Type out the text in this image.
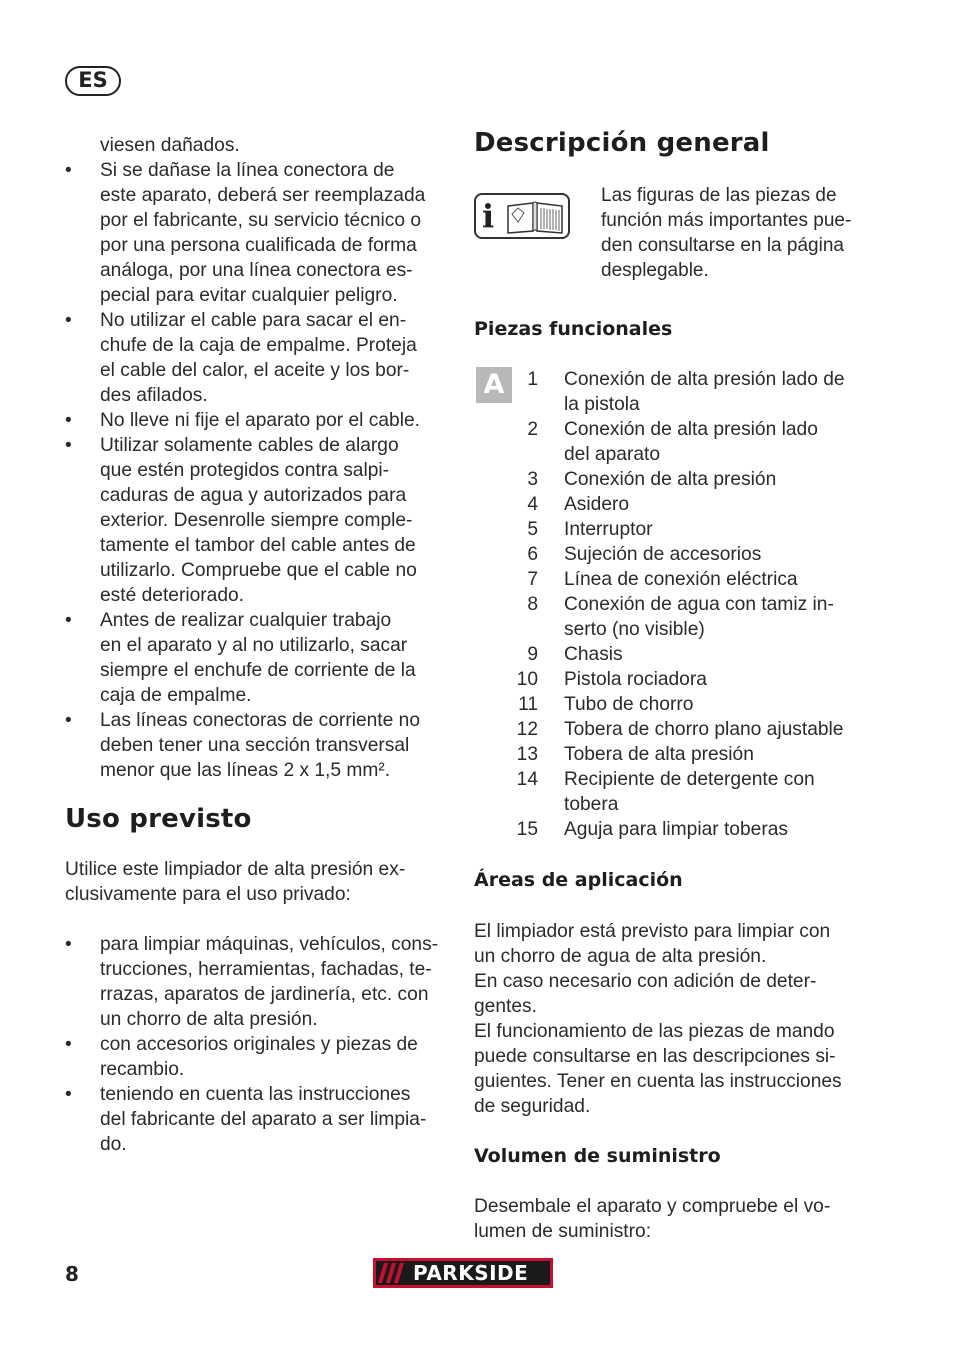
ES
viesen dañados.
• Si se dañase la línea conectora de
este aparato, deberá ser reemplazada
por el fabricante, su servicio técnico o
por una persona cualificada de forma
análoga, por una línea conectora es-
pecial para evitar cualquier peligro.
• No utilizar el cable para sacar el en-
chufe de la caja de empalme. Proteja
el cable del calor, el aceite y los bor-
des afilados.
• No lleve ni fije el aparato por el cable.
• Utilizar solamente cables de alargo
que estén protegidos contra salpi-
caduras de agua y autorizados para
exterior. Desenrolle siempre comple-
tamente el tambor del cable antes de
utilizarlo. Compruebe que el cable no
esté deteriorado.
• Antes de realizar cualquier trabajo
en el aparato y al no utilizarlo, sacar
siempre el enchufe de corriente de la
caja de empalme.
• Las líneas conectoras de corriente no
deben tener una sección transversal
menor que las líneas 2 x 1,5 mm².
Uso previsto
Utilice este limpiador de alta presión ex-
clusivamente para el uso privado:
• para limpiar máquinas, vehículos, cons-
trucciones, herramientas, fachadas, te-
rrazas, aparatos de jardinería, etc. con
un chorro de alta presión.
• con accesorios originales y piezas de
recambio.
• teniendo en cuenta las instrucciones
del fabricante del aparato a ser limpia-
do.
Descripción general
i
Las figuras de las piezas de
función más importantes pue-
den consultarse en la página
desplegable.
Piezas funcionales
A	1 Conexión de alta presión lado de
la pistola
2 Conexión de alta presión lado
del aparato
3 Conexión de alta presión
4 Asidero
5 Interruptor
6 Sujeción de accesorios
7 Línea de conexión eléctrica
8 Conexión de agua con tamiz in-
serto (no visible)
9 Chasis
10 Pistola rociadora
11 Tubo de chorro
12 Tobera de chorro plano ajustable
13 Tobera de alta presión
14 Recipiente de detergente con
tobera
15 Aguja para limpiar toberas
Áreas de aplicación
El limpiador está previsto para limpiar con
un chorro de agua de alta presión.
En caso necesario con adición de deter-
gentes.
El funcionamiento de las piezas de mando
puede consultarse en las descripciones si-
guientes. Tener en cuenta las instrucciones
de seguridad.
Volumen de suministro
Desembale el aparato y compruebe el vo-
lumen de suministro:
8	PARKSIDE
